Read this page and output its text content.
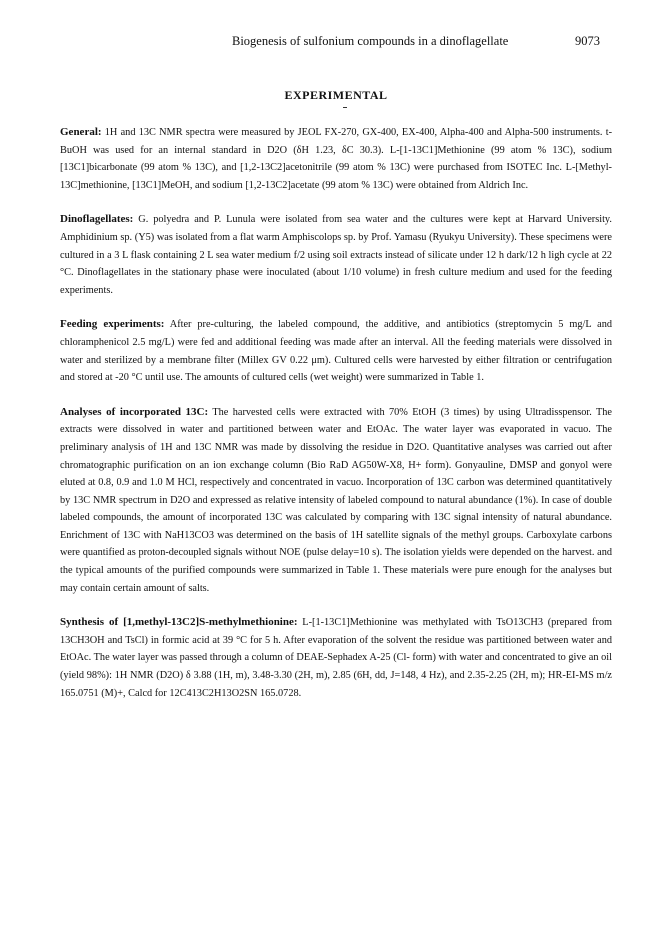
Biogenesis of sulfonium compounds in a dinoflagellate	9073
EXPERIMENTAL

General: 1H and 13C NMR spectra were measured by JEOL FX-270, GX-400, EX-400, Alpha-400 and Alpha-500 instruments. t-BuOH was used for an internal standard in D2O (δH 1.23, δC 30.3). L-[1-13C1]Methionine (99 atom % 13C), sodium [13C1]bicarbonate (99 atom % 13C), and [1,2-13C2]acetonitrile (99 atom % 13C) were purchased from ISOTEC Inc. L-[Methyl-13C]methionine, [13C1]MeOH, and sodium [1,2-13C2]acetate (99 atom % 13C) were obtained from Aldrich Inc.

Dinoflagellates: G. polyedra and P. Lunula were isolated from sea water and the cultures were kept at Harvard University. Amphidinium sp. (Y5) was isolated from a flat warm Amphiscolops sp. by Prof. Yamasu (Ryukyu University). These specimens were cultured in a 3 L flask containing 2 L sea water medium f/2 using soil extracts instead of silicate under 12 h dark/12 h ligh cycle at 22 °C. Dinoflagellates in the stationary phase were inoculated (about 1/10 volume) in fresh culture medium and used for the feeding experiments.

Feeding experiments: After pre-culturing, the labeled compound, the additive, and antibiotics (streptomycin 5 mg/L and chloramphenicol 2.5 mg/L) were fed and additional feeding was made after an interval. All the feeding materials were dissolved in water and sterilized by a membrane filter (Millex GV 0.22 μm). Cultured cells were harvested by either filtration or centrifugation and stored at -20 °C until use. The amounts of cultured cells (wet weight) were summarized in Table 1.

Analyses of incorporated 13C: The harvested cells were extracted with 70% EtOH (3 times) by using Ultradisspensor. The extracts were dissolved in water and partitioned between water and EtOAc. The water layer was evaporated in vacuo. The preliminary analysis of 1H and 13C NMR was made by dissolving the residue in D2O. Quantitative analyses was carried out after chromatographic purification on an ion exchange column (Bio RaD AG50W-X8, H+ form). Gonyauline, DMSP and gonyol were eluted at 0.8, 0.9 and 1.0 M HCl, respectively and concentrated in vacuo. Incorporation of 13C carbon was determined quantitatively by 13C NMR spectrum in D2O and expressed as relative intensity of labeled compound to natural abundance (1%). In case of double labeled compounds, the amount of incorporated 13C was calculated by comparing with 13C signal intensity of natural abundance. Enrichment of 13C with NaH13CO3 was determined on the basis of 1H satellite signals of the methyl groups. Carboxylate carbons were quantified as proton-decoupled signals without NOE (pulse delay=10 s). The isolation yields were depended on the harvest. and the typical amounts of the purified compounds were summarized in Table 1. These materials were pure enough for the analyses but may contain certain amount of salts.

Synthesis of [1,methyl-13C2]S-methylmethionine: L-[1-13C1]Methionine was methylated with TsO13CH3 (prepared from 13CH3OH and TsCl) in formic acid at 39 °C for 5 h. After evaporation of the solvent the residue was partitioned between water and EtOAc. The water layer was passed through a column of DEAE-Sephadex A-25 (Cl- form) with water and concentrated to give an oil (yield 98%): 1H NMR (D2O) δ 3.88 (1H, m), 3.48-3.30 (2H, m), 2.85 (6H, dd, J=148, 4 Hz), and 2.35-2.25 (2H, m); HR-EI-MS m/z 165.0751 (M)+, Calcd for 12C413C2H13O2SN 165.0728.
